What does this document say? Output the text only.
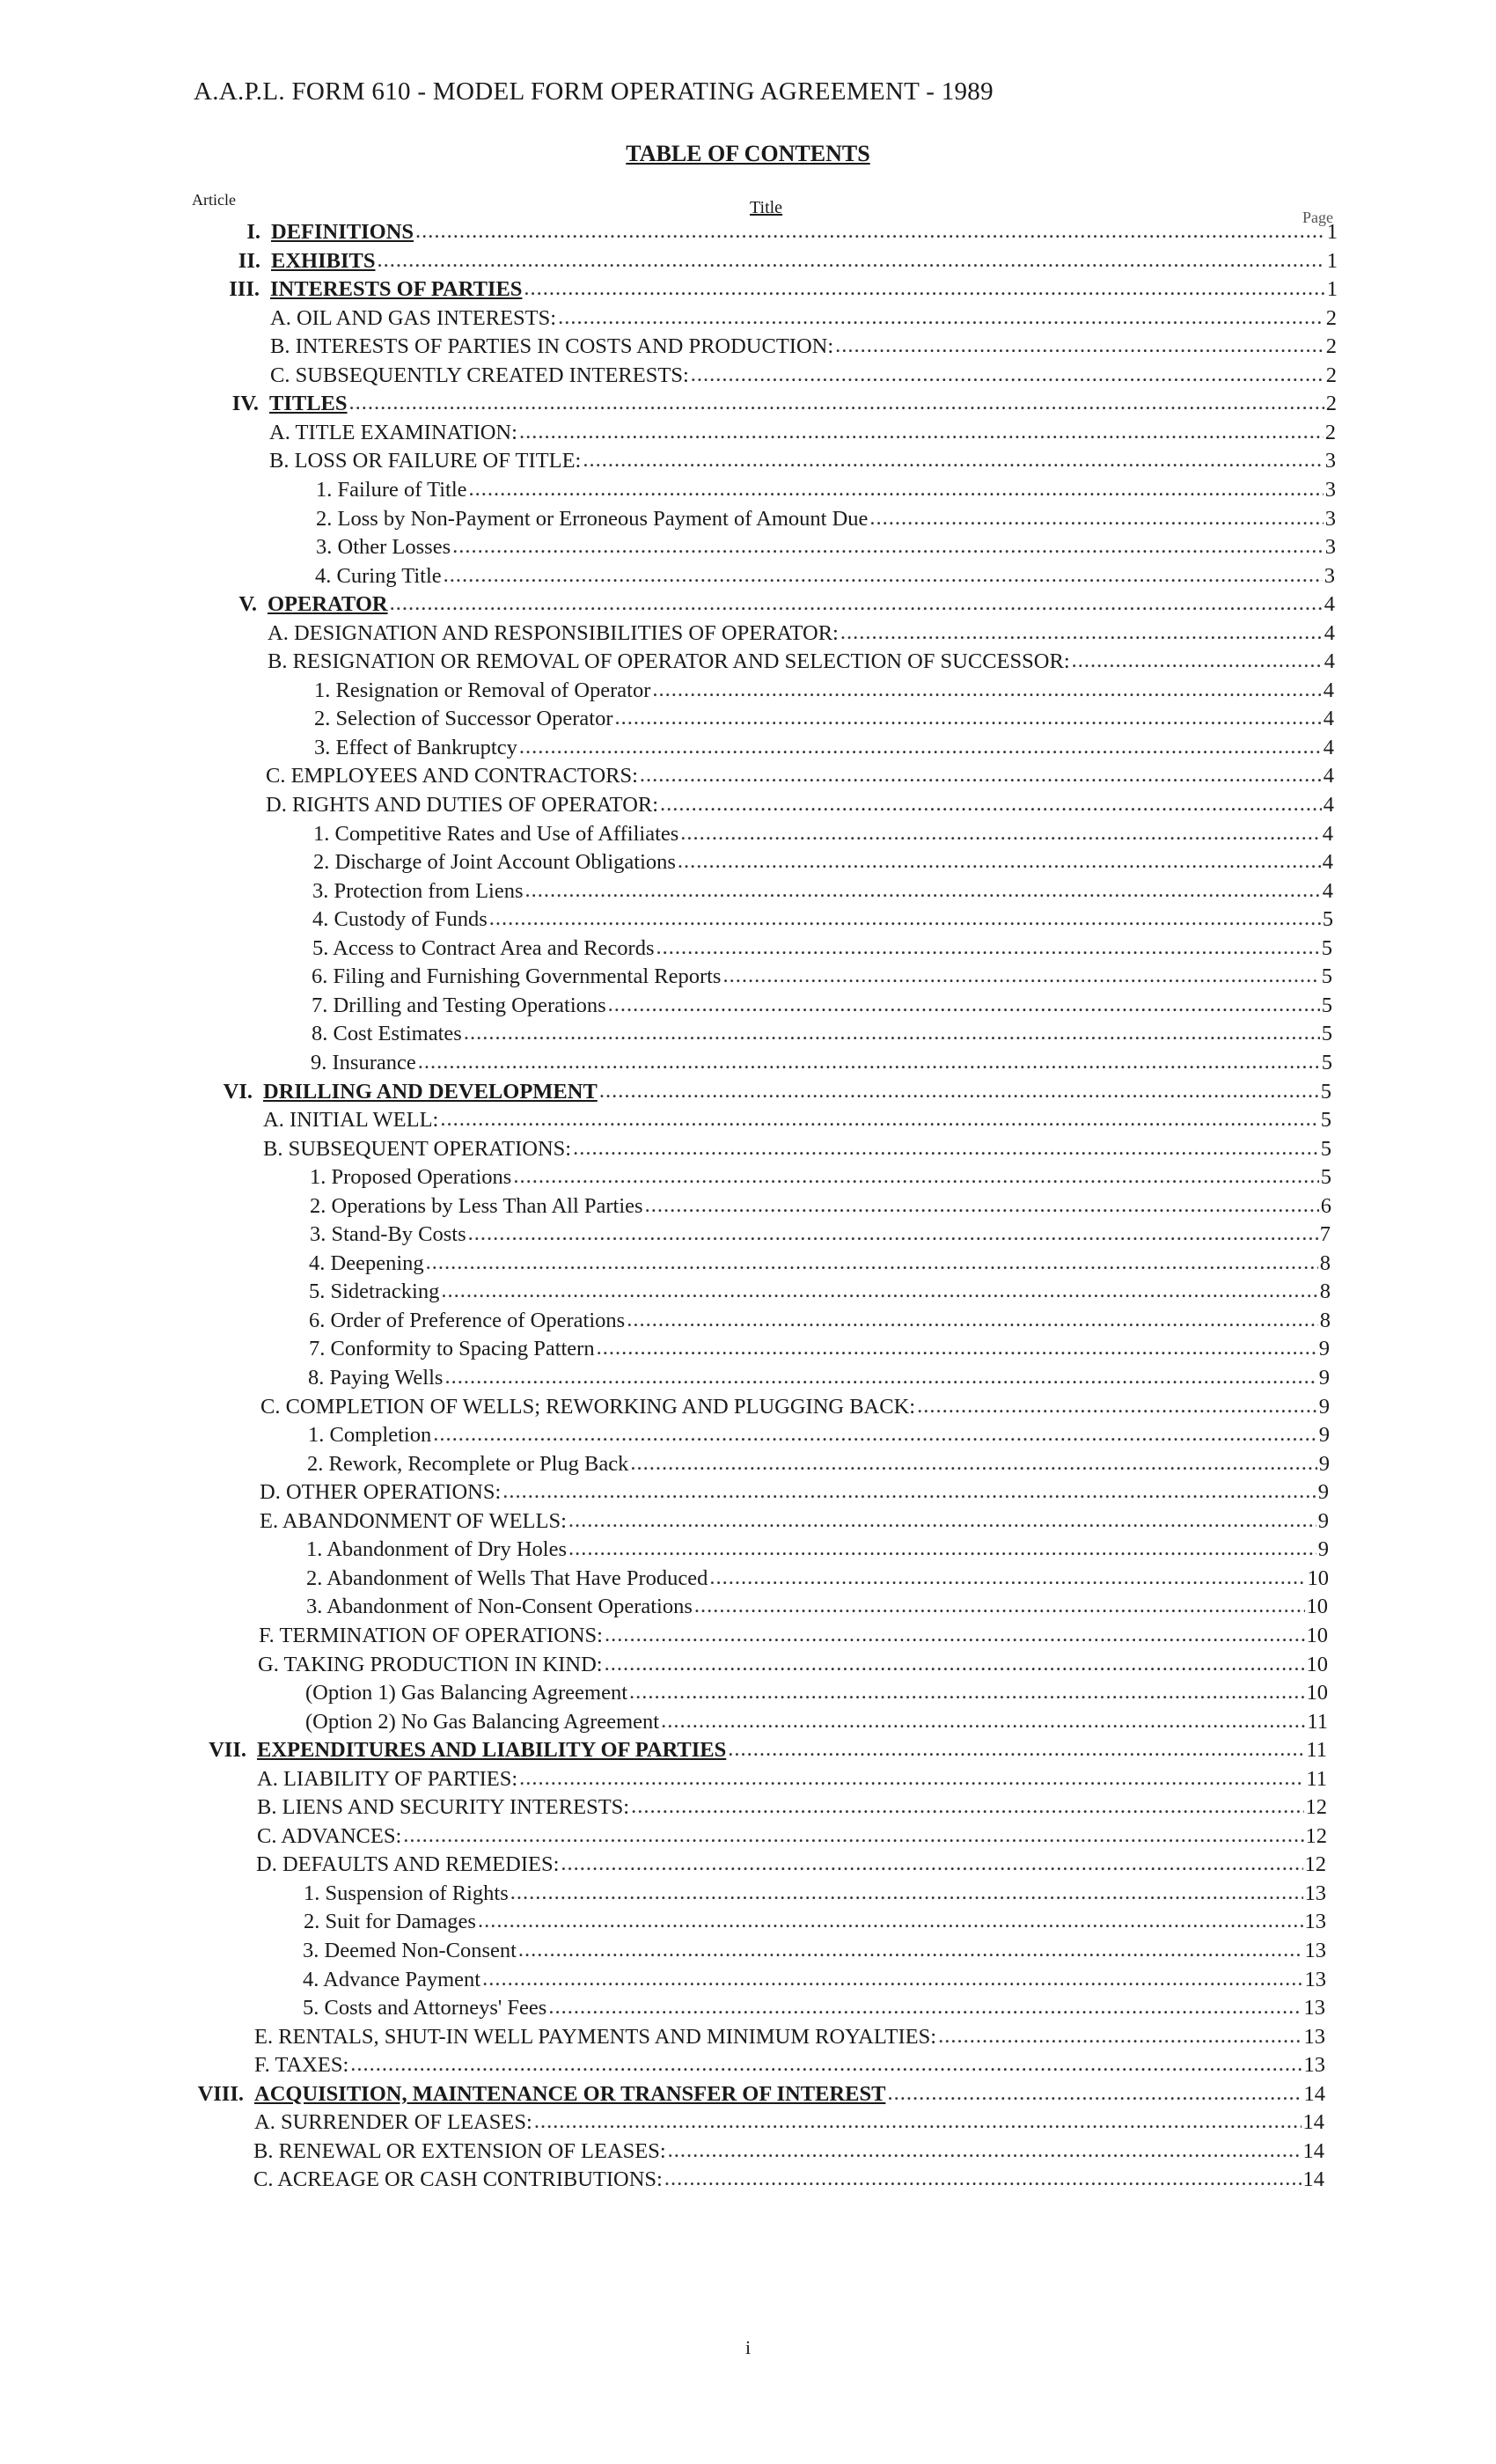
A.A.P.L. FORM 610 - MODEL FORM OPERATING AGREEMENT - 1989
TABLE OF CONTENTS
Article	Title	Page
I. DEFINITIONS .....	1
II. EXHIBITS .....	1
III. INTERESTS OF PARTIES .....	1
A. OIL AND GAS INTERESTS: .....	2
B. INTERESTS OF PARTIES IN COSTS AND PRODUCTION: .....	2
C. SUBSEQUENTLY CREATED INTERESTS: .....	2
IV. TITLES .....	2
A. TITLE EXAMINATION: .....	2
B. LOSS OR FAILURE OF TITLE: .....	3
1. Failure of Title .....	3
2. Loss by Non-Payment or Erroneous Payment of Amount Due .....	3
3. Other Losses .....	3
4. Curing Title .....	3
V. OPERATOR .....	4
A. DESIGNATION AND RESPONSIBILITIES OF OPERATOR: .....	4
B. RESIGNATION OR REMOVAL OF OPERATOR AND SELECTION OF SUCCESSOR: .....	4
1. Resignation or Removal of Operator .....	4
2. Selection of Successor Operator .....	4
3. Effect of Bankruptcy .....	4
C. EMPLOYEES AND CONTRACTORS: .....	4
D. RIGHTS AND DUTIES OF OPERATOR: .....	4
1. Competitive Rates and Use of Affiliates .....	4
2. Discharge of Joint Account Obligations .....	4
3. Protection from Liens .....	4
4. Custody of Funds .....	5
5. Access to Contract Area and Records .....	5
6. Filing and Furnishing Governmental Reports .....	5
7. Drilling and Testing Operations .....	5
8. Cost Estimates .....	5
9. Insurance .....	5
VI. DRILLING AND DEVELOPMENT .....	5
A. INITIAL WELL: .....	5
B. SUBSEQUENT OPERATIONS: .....	5
1. Proposed Operations .....	5
2. Operations by Less Than All Parties .....	6
3. Stand-By Costs .....	7
4. Deepening .....	8
5. Sidetracking .....	8
6. Order of Preference of Operations .....	8
7. Conformity to Spacing Pattern .....	9
8. Paying Wells .....	9
C. COMPLETION OF WELLS; REWORKING AND PLUGGING BACK: .....	9
1. Completion .....	9
2. Rework, Recomplete or Plug Back .....	9
D. OTHER OPERATIONS: .....	9
E. ABANDONMENT OF WELLS: .....	9
1. Abandonment of Dry Holes .....	9
2. Abandonment of Wells That Have Produced .....	10
3. Abandonment of Non-Consent Operations .....	10
F. TERMINATION OF OPERATIONS: .....	10
G. TAKING PRODUCTION IN KIND: .....	10
(Option 1) Gas Balancing Agreement .....	10
(Option 2) No Gas Balancing Agreement .....	11
VII. EXPENDITURES AND LIABILITY OF PARTIES .....	11
A. LIABILITY OF PARTIES: .....	11
B. LIENS AND SECURITY INTERESTS: .....	12
C. ADVANCES: .....	12
D. DEFAULTS AND REMEDIES: .....	12
1. Suspension of Rights .....	13
2. Suit for Damages .....	13
3. Deemed Non-Consent .....	13
4. Advance Payment .....	13
5. Costs and Attorneys' Fees .....	13
E. RENTALS, SHUT-IN WELL PAYMENTS AND MINIMUM ROYALTIES: .....	13
F. TAXES: .....	13
VIII. ACQUISITION, MAINTENANCE OR TRANSFER OF INTEREST .....	14
A. SURRENDER OF LEASES: .....	14
B. RENEWAL OR EXTENSION OF LEASES: .....	14
C. ACREAGE OR CASH CONTRIBUTIONS: .....	14
i
